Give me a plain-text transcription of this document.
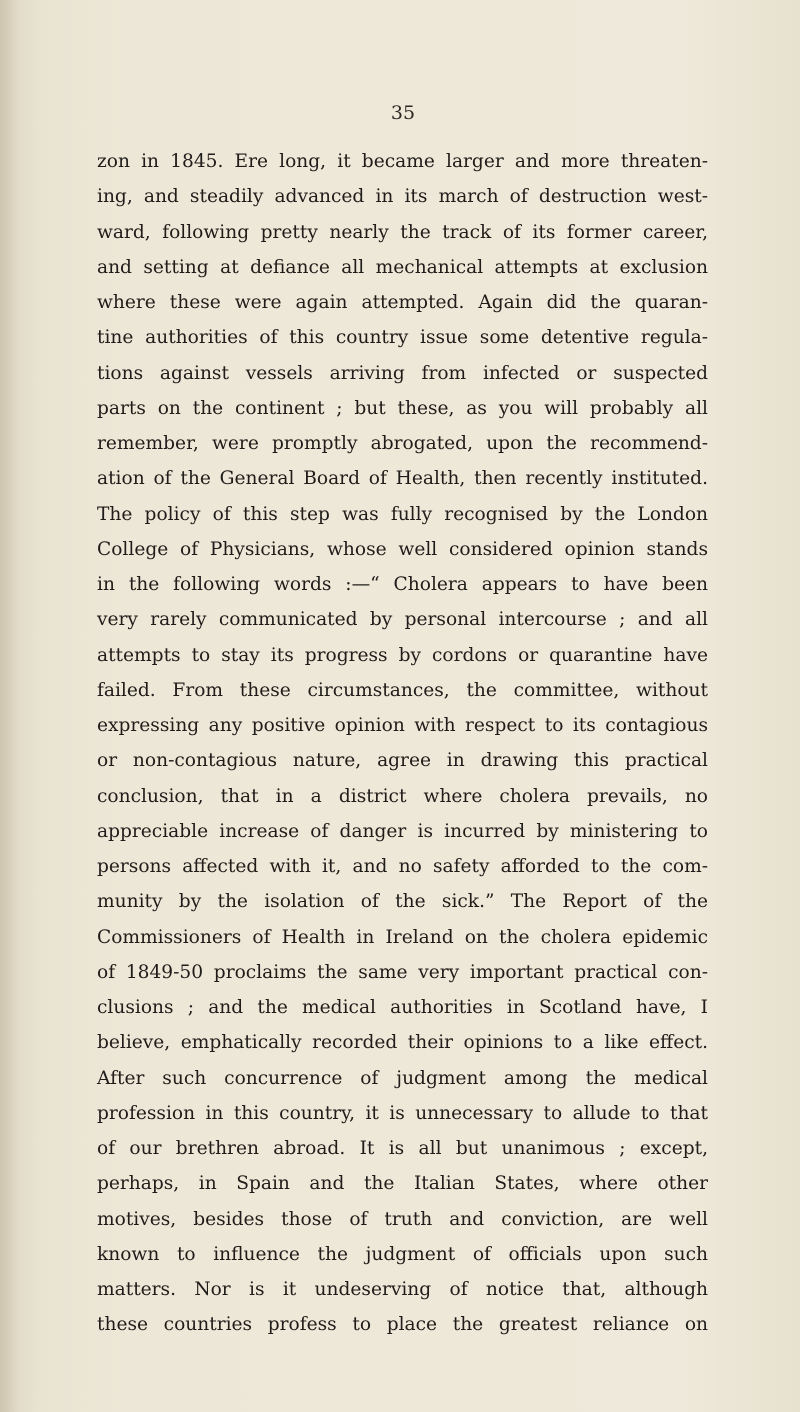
35
zon in 1845. Ere long, it became larger and more threaten-
ing, and steadily advanced in its march of destruction west-
ward, following pretty nearly the track of its former career,
and setting at defiance all mechanical attempts at exclusion
where these were again attempted. Again did the quaran-
tine authorities of this country issue some detentive regula-
tions against vessels arriving from infected or suspected
parts on the continent ; but these, as you will probably all
remember, were promptly abrogated, upon the recommend-
ation of the General Board of Health, then recently instituted.
The policy of this step was fully recognised by the London
College of Physicians, whose well considered opinion stands
in the following words :—“ Cholera appears to have been
very rarely communicated by personal intercourse ; and all
attempts to stay its progress by cordons or quarantine have
failed. From these circumstances, the committee, without
expressing any positive opinion with respect to its contagious
or non-contagious nature, agree in drawing this practical
conclusion, that in a district where cholera prevails, no
appreciable increase of danger is incurred by ministering to
persons affected with it, and no safety afforded to the com-
munity by the isolation of the sick.” The Report of the
Commissioners of Health in Ireland on the cholera epidemic
of 1849-50 proclaims the same very important practical con-
clusions ; and the medical authorities in Scotland have, I
believe, emphatically recorded their opinions to a like effect.
After such concurrence of judgment among the medical
profession in this country, it is unnecessary to allude to that
of our brethren abroad. It is all but unanimous ; except,
perhaps, in Spain and the Italian States, where other
motives, besides those of truth and conviction, are well
known to influence the judgment of officials upon such
matters. Nor is it undeserving of notice that, although
these countries profess to place the greatest reliance on
